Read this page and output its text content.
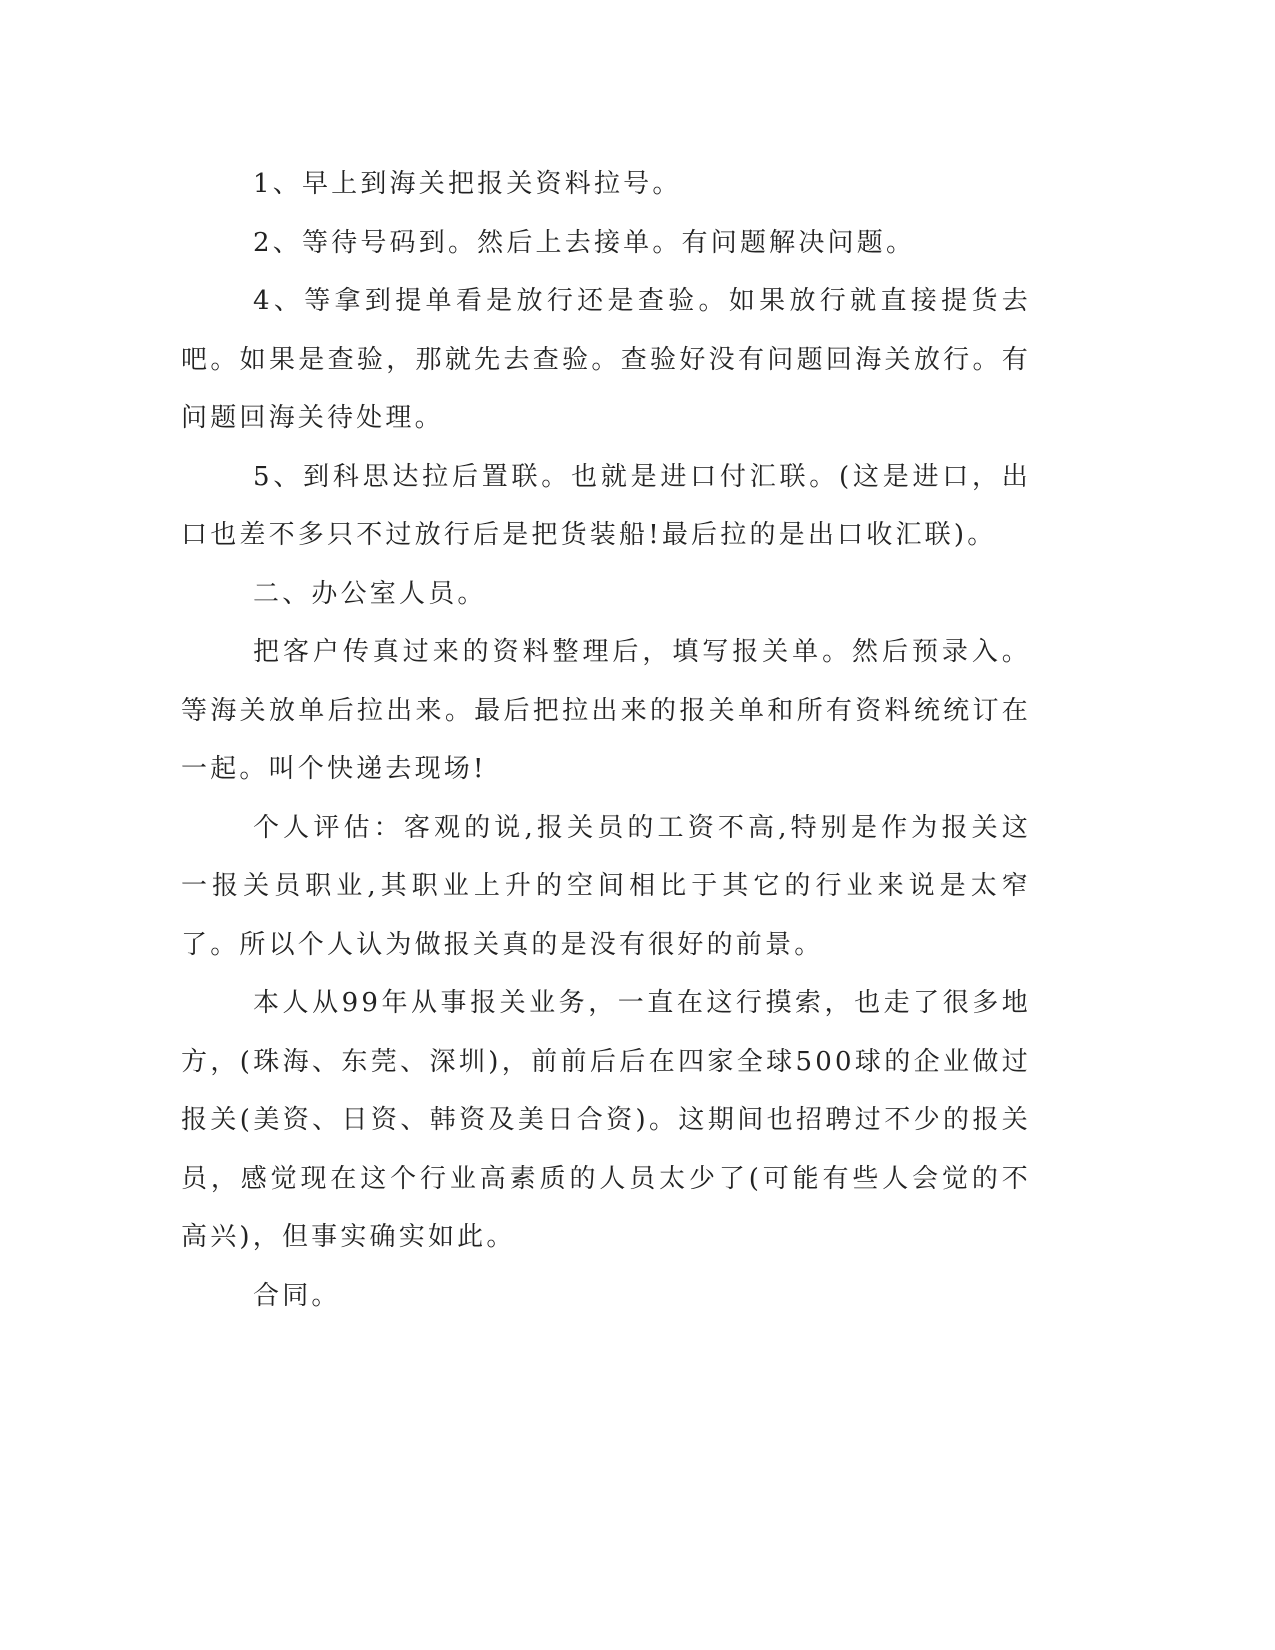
1、早上到海关把报关资料拉号。

2、等待号码到。然后上去接单。有问题解决问题。

4、等拿到提单看是放行还是查验。如果放行就直接提货去吧。如果是查验，那就先去查验。查验好没有问题回海关放行。有问题回海关待处理。

5、到科思达拉后置联。也就是进口付汇联。(这是进口，出口也差不多只不过放行后是把货装船!最后拉的是出口收汇联)。

二、办公室人员。

把客户传真过来的资料整理后，填写报关单。然后预录入。等海关放单后拉出来。最后把拉出来的报关单和所有资料统统订在一起。叫个快递去现场!

个人评估：客观的说,报关员的工资不高,特别是作为报关这一报关员职业,其职业上升的空间相比于其它的行业来说是太窄了。所以个人认为做报关真的是没有很好的前景。

本人从99年从事报关业务，一直在这行摸索，也走了很多地方，(珠海、东莞、深圳)，前前后后在四家全球500球的企业做过报关(美资、日资、韩资及美日合资)。这期间也招聘过不少的报关员，感觉现在这个行业高素质的人员太少了(可能有些人会觉的不高兴)，但事实确实如此。

合同。
